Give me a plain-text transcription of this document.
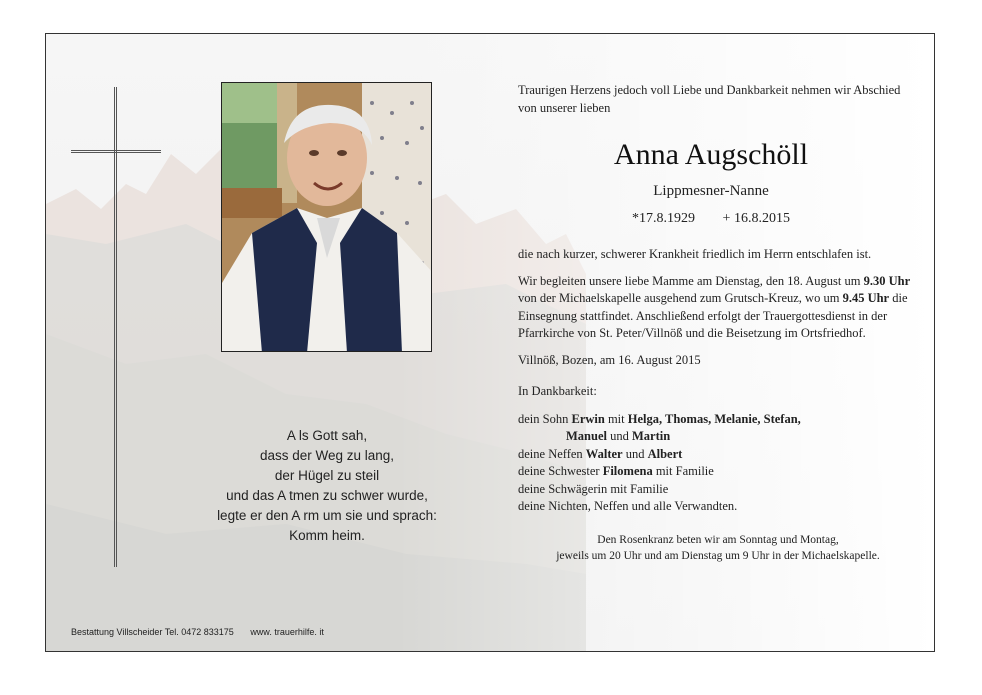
A ls Gott sah,
dass der Weg zu lang,
der Hügel zu steil
und das A tmen zu schwer wurde,
legte er den A rm um sie und sprach:
Komm heim.
Bestattung Villscheider Tel. 0472 833175 www. trauerhilfe. it

Traurigen Herzens jedoch voll Liebe und Dankbarkeit nehmen wir Abschied von unserer lieben

Anna Augschöll
Lippmesner-Nanne
*17.8.1929 + 16.8.2015

die nach kurzer, schwerer Krankheit friedlich im Herrn entschlafen ist.

Wir begleiten unsere liebe Mamme am Dienstag, den 18. August um 9.30 Uhr von der Michaelskapelle ausgehend zum Grutsch-Kreuz, wo um 9.45 Uhr die Einsegnung stattfindet. Anschließend erfolgt der Trauergottesdienst in der Pfarrkirche von St. Peter/Villnöß und die Beisetzung im Ortsfriedhof.

Villnöß, Bozen, am 16. August 2015

In Dankbarkeit:

dein Sohn Erwin mit Helga, Thomas, Melanie, Stefan,
Manuel und Martin
deine Neffen Walter und Albert
deine Schwester Filomena mit Familie
deine Schwägerin mit Familie
deine Nichten, Neffen und alle Verwandten.
Den Rosenkranz beten wir am Sonntag und Montag,
jeweils um 20 Uhr und am Dienstag um 9 Uhr in der Michaelskapelle.
